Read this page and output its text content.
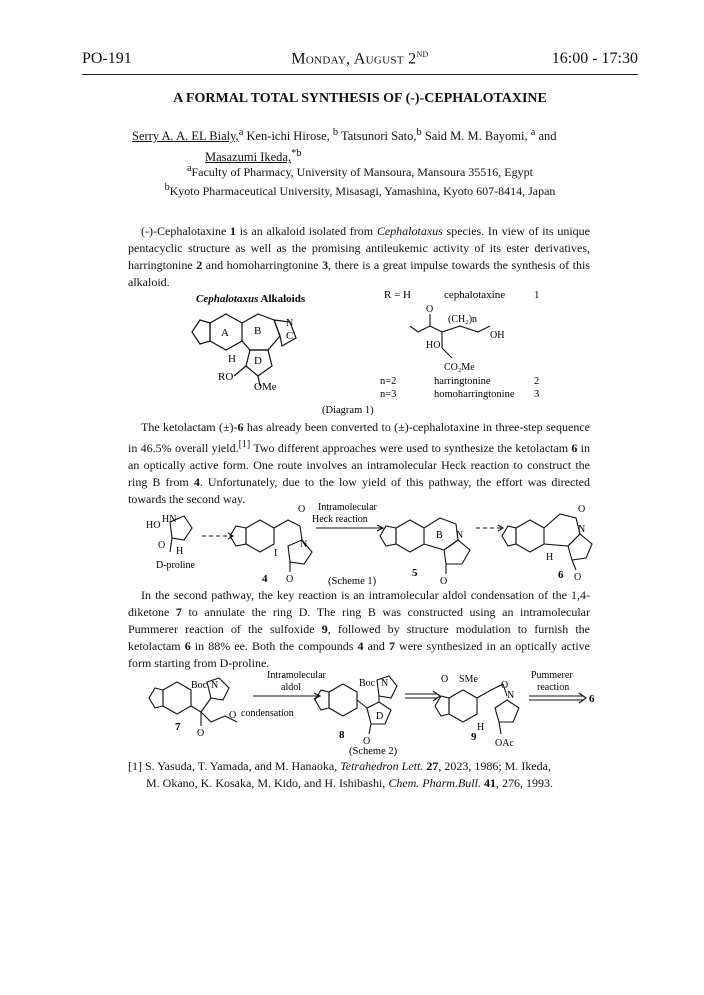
PO-191	Monday, August 2ND	16:00 - 17:30
A FORMAL TOTAL SYNTHESIS OF (-)-CEPHALOTAXINE
Serry A. A. EL Bialy,$^a$ Ken-ichi Hirose, $^b$ Tatsunori Sato,$^b$ Said M. M. Bayomi, $^a$ and
Masazumi Ikeda,$^{*b}$
$^a$Faculty of Pharmacy, University of Mansoura, Mansoura 35516, Egypt
$^b$Kyoto Pharmaceutical University, Misasagi, Yamashina, Kyoto 607-8414, Japan

(-)-Cephalotaxine 1 is an alkaloid isolated from Cephalotaxus species. In view of its unique pentacyclic structure as well as the promising antileukemic activity of its ester derivatives, harringtonine 2 and homoharringtonine 3, there is a great impulse towards the synthesis of this alkaloid.

Cephalotaxus Alkaloids
A B
N
C
D
H
RO
OMe
R = H	cephalotaxine	1
O
(CH₂)n
HO
OH
CO₂Me
n=2	harringtonine	2
n=3	homoharringtonine 3
(Diagram 1)

The ketolactam (±)-6 has already been converted to (±)-cephalotaxine in three-step sequence in 46.5% overall yield.[1] Two different approaches were used to synthesize the ketolactam 6 in an optically active form. One route involves an intramolecular Heck reaction to construct the ring B from 4. Unfortunately, due to the low yield of this pathway, the effort was directed towards the second way.

HO
HN
O
H
D-proline
O
I
N
O
4
Intramolecular
Heck reaction
B N
O
5
O
N
H
6 O
(Scheme 1)

In the second pathway, the key reaction is an intramolecular aldol condensation of the 1,4-diketone 7 to annulate the ring D. The ring B was constructed using an intramolecular Pummerer reaction of the sulfoxide 9, followed by structure modulation to furnish the ketolactam 6 in 88% ee. Both the compounds 4 and 7 were synthesized in an optically active form starting from D-proline.

Boc N
O
O
7
Intramolecular
aldol
condensation
Boc N
D
O
8
O SMe
N
O
H
OAc
9
Pummerer
reaction
6
(Scheme 2)
[1] S. Yasuda, T. Yamada, and M. Hanaoka, Tetrahedron Lett. 27, 2023, 1986; M. Ikeda,
M. Okano, K. Kosaka, M. Kido, and H. Ishibashi, Chem. Pharm.Bull. 41, 276, 1993.
